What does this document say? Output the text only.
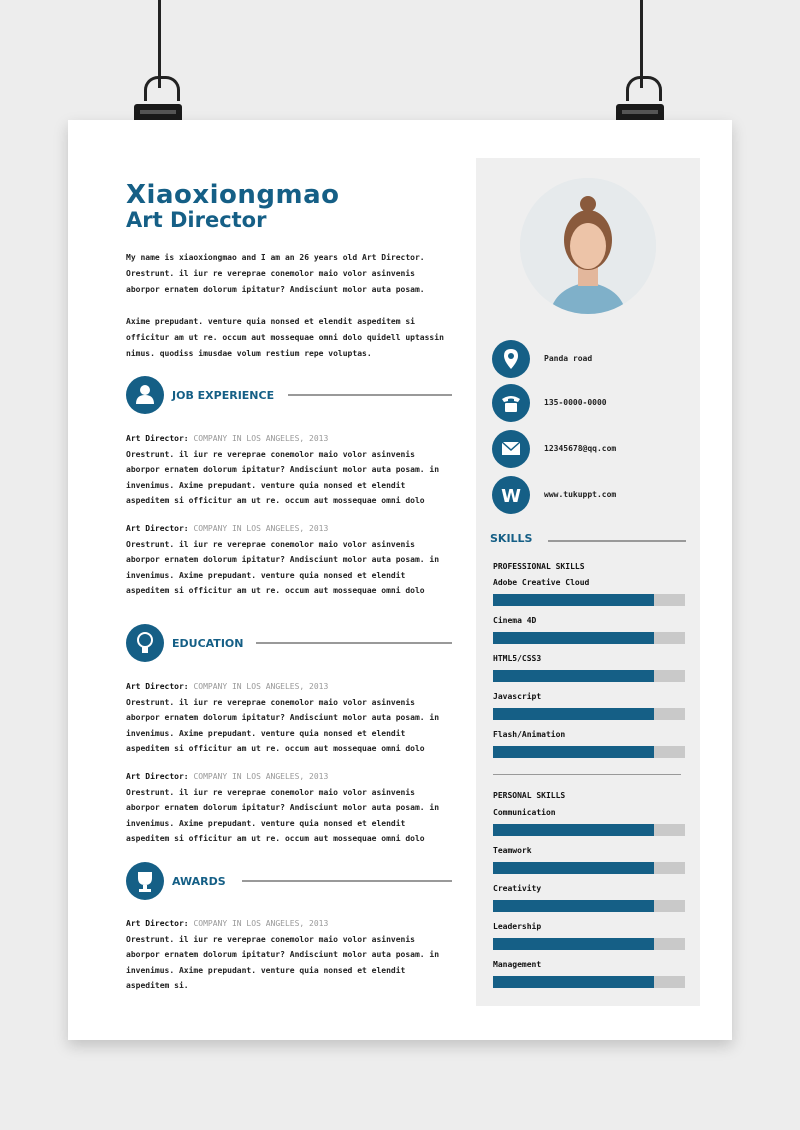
Xiaoxiongmao
Art Director
My name is xiaoxiongmao and I am an 26 years old Art Director. Orestrunt. il iur re vereprae conemolor maio volor asinvenis aborpor ernatem dolorum ipitatur? Andisciunt molor auta posam.
Axime prepudant. venture quia nonsed et elendit aspeditem si officitur am ut re. occum aut mossequae omni dolo quidell uptassin nimus. quodiss imusdae volum restium repe voluptas.
JOB EXPERIENCE
Art Director: COMPANY IN LOS ANGELES, 2013
Orestrunt. il iur re vereprae conemolor maio volor asinvenis aborpor ernatem dolorum ipitatur? Andisciunt molor auta posam. in invenimus. Axime prepudant. venture quia nonsed et elendit aspeditem si officitur am ut re. occum aut mossequae omni dolo
Art Director: COMPANY IN LOS ANGELES, 2013
Orestrunt. il iur re vereprae conemolor maio volor asinvenis aborpor ernatem dolorum ipitatur? Andisciunt molor auta posam. in invenimus. Axime prepudant. venture quia nonsed et elendit aspeditem si officitur am ut re. occum aut mossequae omni dolo
EDUCATION
Art Director: COMPANY IN LOS ANGELES, 2013
Orestrunt. il iur re vereprae conemolor maio volor asinvenis aborpor ernatem dolorum ipitatur? Andisciunt molor auta posam. in invenimus. Axime prepudant. venture quia nonsed et elendit aspeditem si officitur am ut re. occum aut mossequae omni dolo
Art Director: COMPANY IN LOS ANGELES, 2013
Orestrunt. il iur re vereprae conemolor maio volor asinvenis aborpor ernatem dolorum ipitatur? Andisciunt molor auta posam. in invenimus. Axime prepudant. venture quia nonsed et elendit aspeditem si officitur am ut re. occum aut mossequae omni dolo
AWARDS
Art Director: COMPANY IN LOS ANGELES, 2013
Orestrunt. il iur re vereprae conemolor maio volor asinvenis aborpor ernatem dolorum ipitatur? Andisciunt molor auta posam. in invenimus. Axime prepudant. venture quia nonsed et elendit aspeditem si.
Panda road
135-0000-0000
12345678@qq.com
W	www.tukuppt.com
SKILLS
PROFESSIONAL SKILLS
Adobe Creative Cloud
Cinema 4D
HTML5/CSS3
Javascript
Flash/Animation
PERSONAL SKILLS
Communication
Teamwork
Creativity
Leadership
Management
